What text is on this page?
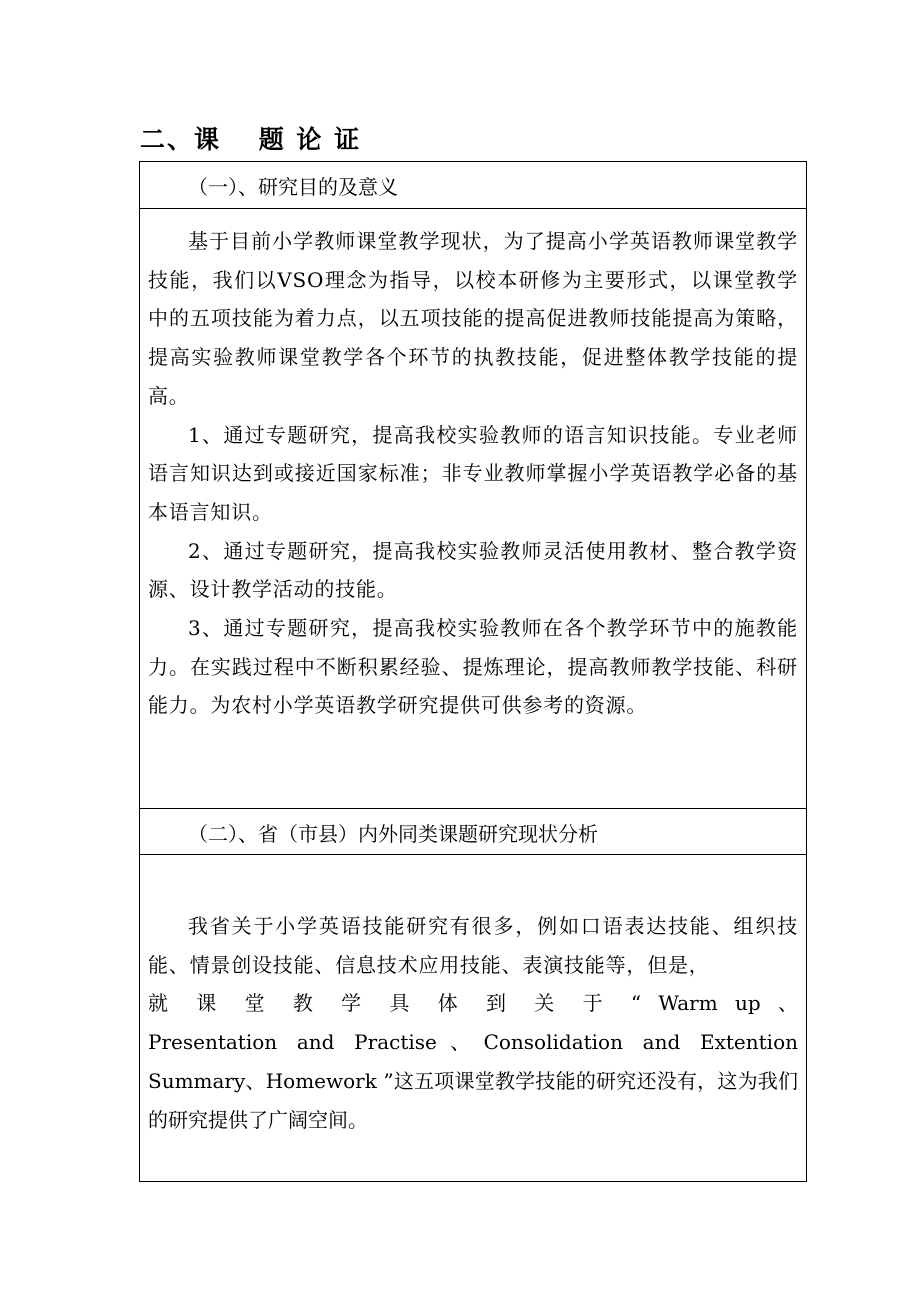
二、课　 题 论 证
（一）、研究目的及意义

基于目前小学教师课堂教学现状，为了提高小学英语教师课堂教学技能，我们以VSO理念为指导，以校本研修为主要形式，以课堂教学中的五项技能为着力点，以五项技能的提高促进教师技能提高为策略，提高实验教师课堂教学各个环节的执教技能，促进整体教学技能的提高。

1、通过专题研究，提高我校实验教师的语言知识技能。专业老师语言知识达到或接近国家标准；非专业教师掌握小学英语教学必备的基本语言知识。

2、通过专题研究，提高我校实验教师灵活使用教材、整合教学资源、设计教学活动的技能。

3、通过专题研究，提高我校实验教师在各个教学环节中的施教能力。在实践过程中不断积累经验、提炼理论，提高教师教学技能、科研能力。为农村小学英语教学研究提供可供参考的资源。

（二）、省（市县）内外同类课题研究现状分析

我省关于小学英语技能研究有很多，例如口语表达技能、组织技能、情景创设技能、信息技术应用技能、表演技能等，但是，

就 课 堂 教 学 具 体 到 关 于 “ Warm up 、

Presentation and Practise、Consolidation and Extention

Summary、Homework ”这五项课堂教学技能的研究还没有，这为我们的研究提供了广阔空间。
